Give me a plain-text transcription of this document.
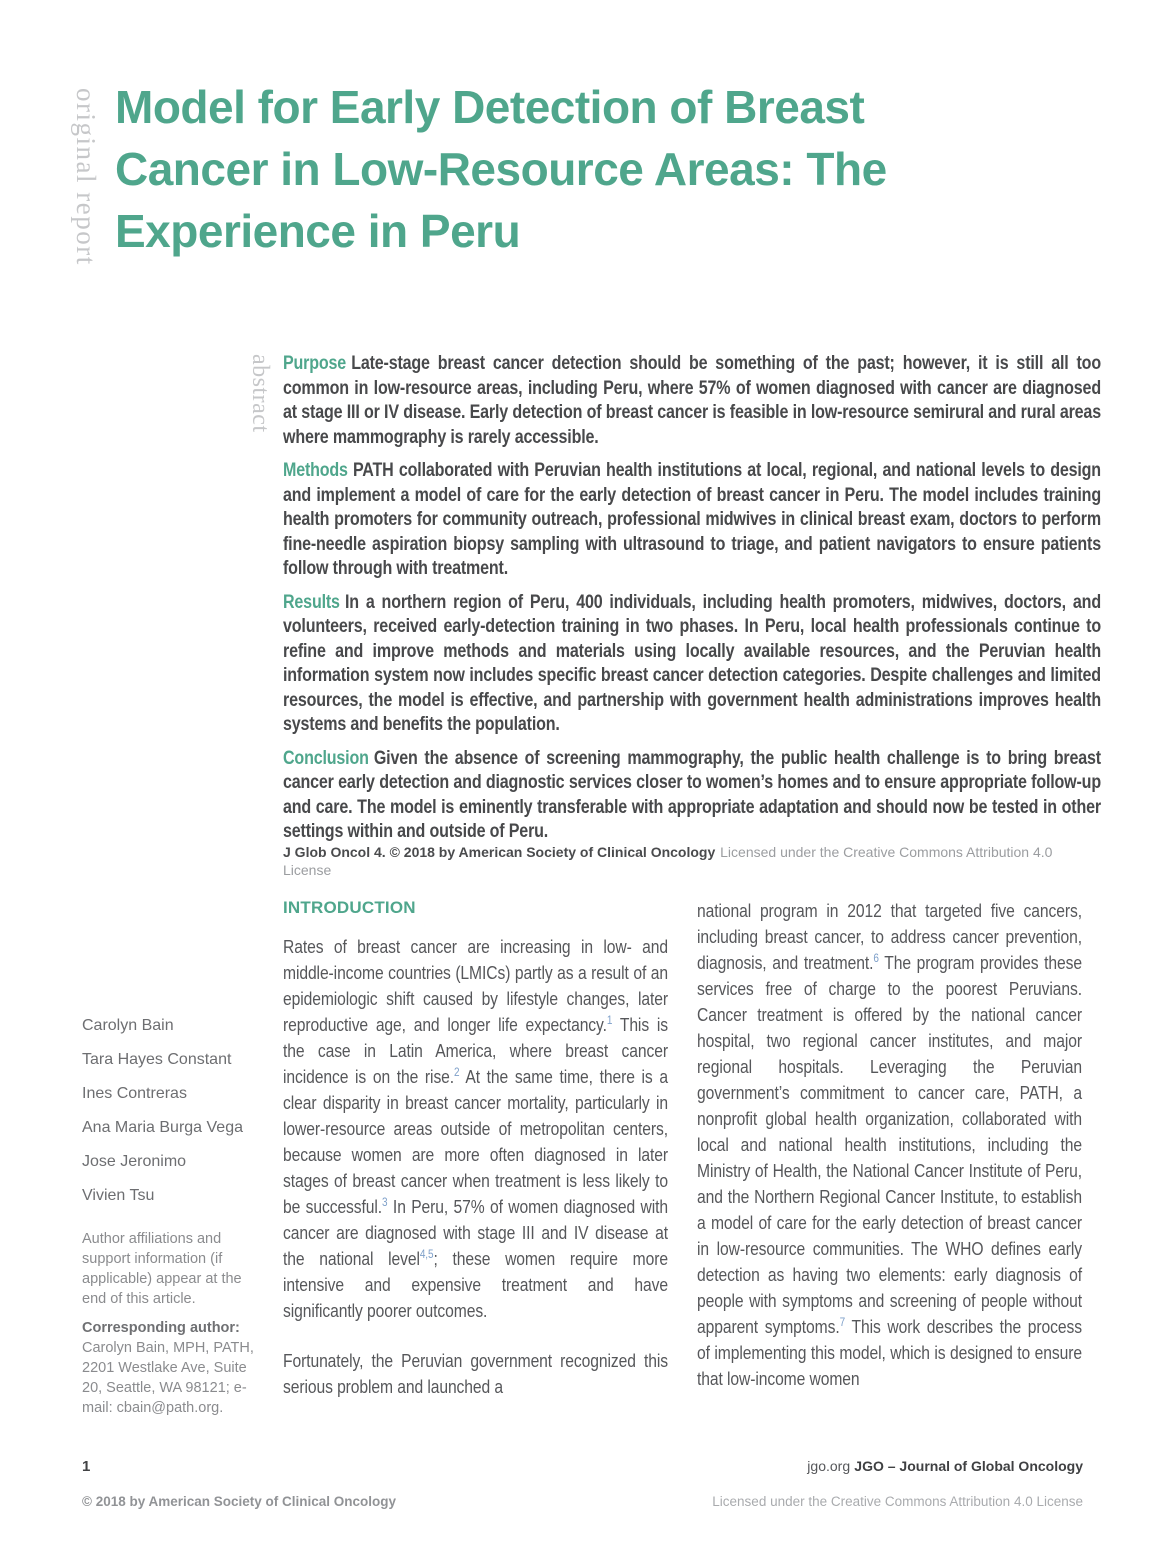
original report Model for Early Detection of Breast
Cancer in Low-Resource Areas: The
Experience in Peru
abstract Purpose Late-stage breast cancer detection should be something of the past; however, it is still all too common in low-resource areas, including Peru, where 57% of women diagnosed with cancer are diagnosed at stage III or IV disease. Early detection of breast cancer is feasible in low-resource semirural and rural areas where mammography is rarely accessible.

Methods PATH collaborated with Peruvian health institutions at local, regional, and national levels to design and implement a model of care for the early detection of breast cancer in Peru. The model includes training health promoters for community outreach, professional midwives in clinical breast exam, doctors to perform fine-needle aspiration biopsy sampling with ultrasound to triage, and patient navigators to ensure patients follow through with treatment.

Results In a northern region of Peru, 400 individuals, including health promoters, midwives, doctors, and volunteers, received early-detection training in two phases. In Peru, local health professionals continue to refine and improve methods and materials using locally available resources, and the Peruvian health information system now includes specific breast cancer detection categories. Despite challenges and limited resources, the model is effective, and partnership with government health administrations improves health systems and benefits the population.

Conclusion Given the absence of screening mammography, the public health challenge is to bring breast cancer early detection and diagnostic services closer to women’s homes and to ensure appropriate follow-up and care. The model is eminently transferable with appropriate adaptation and should now be tested in other settings within and outside of Peru.

J Glob Oncol 4. © 2018 by American Society of Clinical Oncology Licensed under the Creative Commons Attribution 4.0 License

Carolyn Bain
Tara Hayes Constant
Ines Contreras
Ana Maria Burga Vega
Jose Jeronimo
Vivien Tsu

Author affiliations and support information (if applicable) appear at the end of this article.

Corresponding author:
Carolyn Bain, MPH, PATH, 2201 Westlake Ave, Suite 20, Seattle, WA 98121; e-mail: cbain@path.org.

INTRODUCTION

Rates of breast cancer are increasing in low- and middle-income countries (LMICs) partly as a result of an epidemiologic shift caused by lifestyle changes, later reproductive age, and longer life expectancy.$^1$ This is the case in Latin America, where breast cancer incidence is on the rise.$^2$ At the same time, there is a clear disparity in breast cancer mortality, particularly in lower-resource areas outside of metropolitan centers, because women are more often diagnosed in later stages of breast cancer when treatment is less likely to be successful.$^3$ In Peru, 57% of women diagnosed with cancer are diagnosed with stage III and IV disease at the national level$^{4,5}$; these women require more intensive and expensive treatment and have significantly poorer outcomes.

Fortunately, the Peruvian government recognized this serious problem and launched a

national program in 2012 that targeted five cancers, including breast cancer, to address cancer prevention, diagnosis, and treatment.$^6$ The program provides these services free of charge to the poorest Peruvians. Cancer treatment is offered by the national cancer hospital, two regional cancer institutes, and major regional hospitals. Leveraging the Peruvian government’s commitment to cancer care, PATH, a nonprofit global health organization, collaborated with local and national health institutions, including the Ministry of Health, the National Cancer Institute of Peru, and the Northern Regional Cancer Institute, to establish a model of care for the early detection of breast cancer in low-resource communities. The WHO defines early detection as having two elements: early diagnosis of people with symptoms and screening of people without apparent symptoms.$^7$ This work describes the process of implementing this model, which is designed to ensure that low-income women

1	jgo.org JGO – Journal of Global Oncology
© 2018 by American Society of Clinical Oncology	Licensed under the Creative Commons Attribution 4.0 License
